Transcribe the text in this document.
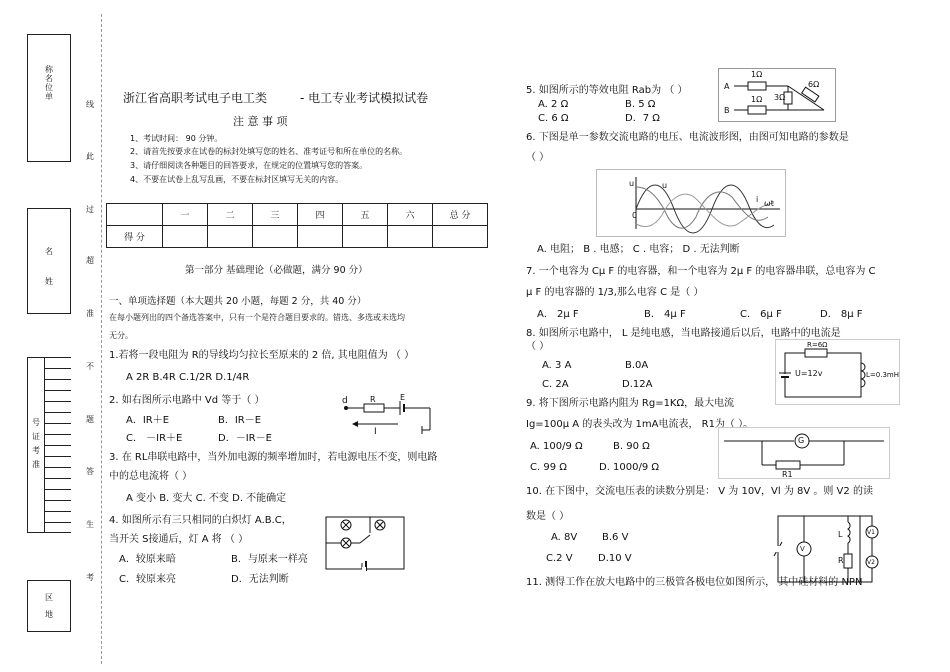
称名位单
名姓
号证考准
区地
线
此
过
超
准
不
题
答
生
考
浙江省高职考试电子电工类	- 电工专业考试模拟试卷
注 意 事 项
1、考试时间： 90 分钟。
2、请首先按要求在试卷的标封处填写您的姓名、准考证号和所在单位的名称。
3、请仔细阅读各种题目的回答要求，在规定的位置填写您的答案。
4、不要在试卷上乱写乱画，不要在标封区填写无关的内容。
	一	二	三	四	五	六	总 分
得 分							
第一部分 基础理论（必做题，满分 90 分）
一、单项选择题（本大题共 20 小题，每题 2 分，共 40 分）
在每小题列出的四个备选答案中，只有一个是符合题目要求的。错选、多选或未选均
无分。
1.若将一段电阻为 R的导线均匀拉长至原来的 2 倍, 其电阻值为 （ ）
A 2R B.4R C.1/2R D.1/4R
2. 如右图所示电路中 Vd 等于（ ）
A．IR＋E	B．IR－E
C． －IR＋E	D．－IR－E
d	R	E
I
3. 在 RL串联电路中，当外加电源的频率增加时，若电源电压不变，则电路
中的总电流将（ ）
A 变小 B. 变大 C. 不变 D. 不能确定
4. 如图所示有三只相同的白炽灯 A.B.C，
当开关 S接通后，灯 A 将 （ ）
A．较原来暗	B．与原来一样亮
C．较原来亮	D．无法判断
5. 如图所示的等效电阻 Rab为 （ ）
A. 2 Ω	B. 5 Ω
C. 6 Ω	D．7 Ω
A
B
1Ω
1Ω 3Ω
6Ω
6. 下图是单一参数交流电路的电压、电流波形图，由图可知电路的参数是
（ ）
u	u
i ωt
0
A. 电阻； B . 电感； C . 电容； D . 无法判断
7. 一个电容为 Cμ F 的电容器，和一个电容为 2μ F 的电容器串联，总电容为 C
μ F 的电容器的 1/3,那么电容 C 是（ ）
A． 2μ F	B． 4μ F	C． 6μ F	D． 8μ F
8. 如图所示电路中， L 是纯电感，当电路接通后以后，电路中的电流是
（ ）
A. 3 A	B.0A
C. 2A	D.12A
R=6Ω
U=12v	L=0.3mH
9. 将下图所示电路内阻为 Rg=1KΩ，最大电流
Ig=100μ A 的表头改为 1mA电流表， R1为（ ）。
A. 100/9 Ω	B. 90 Ω
C. 99 Ω	D. 1000/9 Ω
G
R1
10. 在下图中，交流电压表的读数分别是： V 为 10V，Vl 为 8V 。则 V2 的读
数是（ ）
A. 8V B.6 V
C.2 V	D.10 V
V
L
R
V1
V2
11. 测得工作在放大电路中的三极管各极电位如图所示， 其中硅材料的 NPN
